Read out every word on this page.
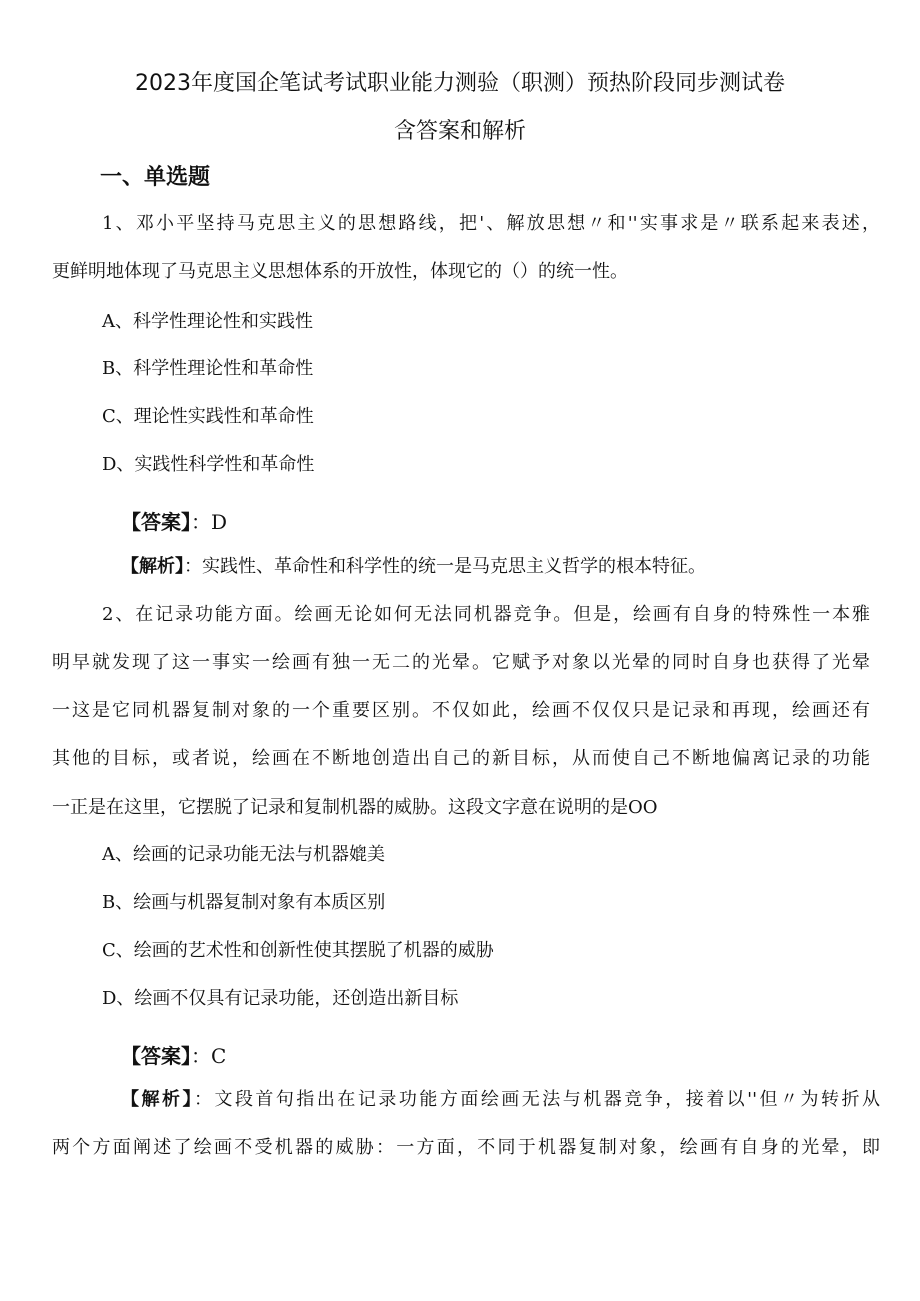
2023年度国企笔试考试职业能力测验（职测）预热阶段同步测试卷
含答案和解析
一、单选题
1、邓小平坚持马克思主义的思想路线，把'、解放思想〃和''实事求是〃联系起来表述，
更鲜明地体现了马克思主义思想体系的开放性，体现它的（）的统一性。
A、科学性理论性和实践性
B、科学性理论性和革命性
C、理论性实践性和革命性
D、实践性科学性和革命性
【答案】：D
【解析】：实践性、革命性和科学性的统一是马克思主义哲学的根本特征。
2、在记录功能方面。绘画无论如何无法同机器竞争。但是，绘画有自身的特殊性一本雅
明早就发现了这一事实一绘画有独一无二的光晕。它赋予对象以光晕的同时自身也获得了光晕
一这是它同机器复制对象的一个重要区别。不仅如此，绘画不仅仅只是记录和再现，绘画还有
其他的目标，或者说，绘画在不断地创造出自己的新目标，从而使自己不断地偏离记录的功能
一正是在这里，它摆脱了记录和复制机器的威胁。这段文字意在说明的是OO
A、绘画的记录功能无法与机器媲美
B、绘画与机器复制对象有本质区别
C、绘画的艺术性和创新性使其摆脱了机器的威胁
D、绘画不仅具有记录功能，还创造出新目标
【答案】：C
【解析】：文段首句指出在记录功能方面绘画无法与机器竞争，接着以''但〃为转折从
两个方面阐述了绘画不受机器的威胁：一方面，不同于机器复制对象，绘画有自身的光晕，即
